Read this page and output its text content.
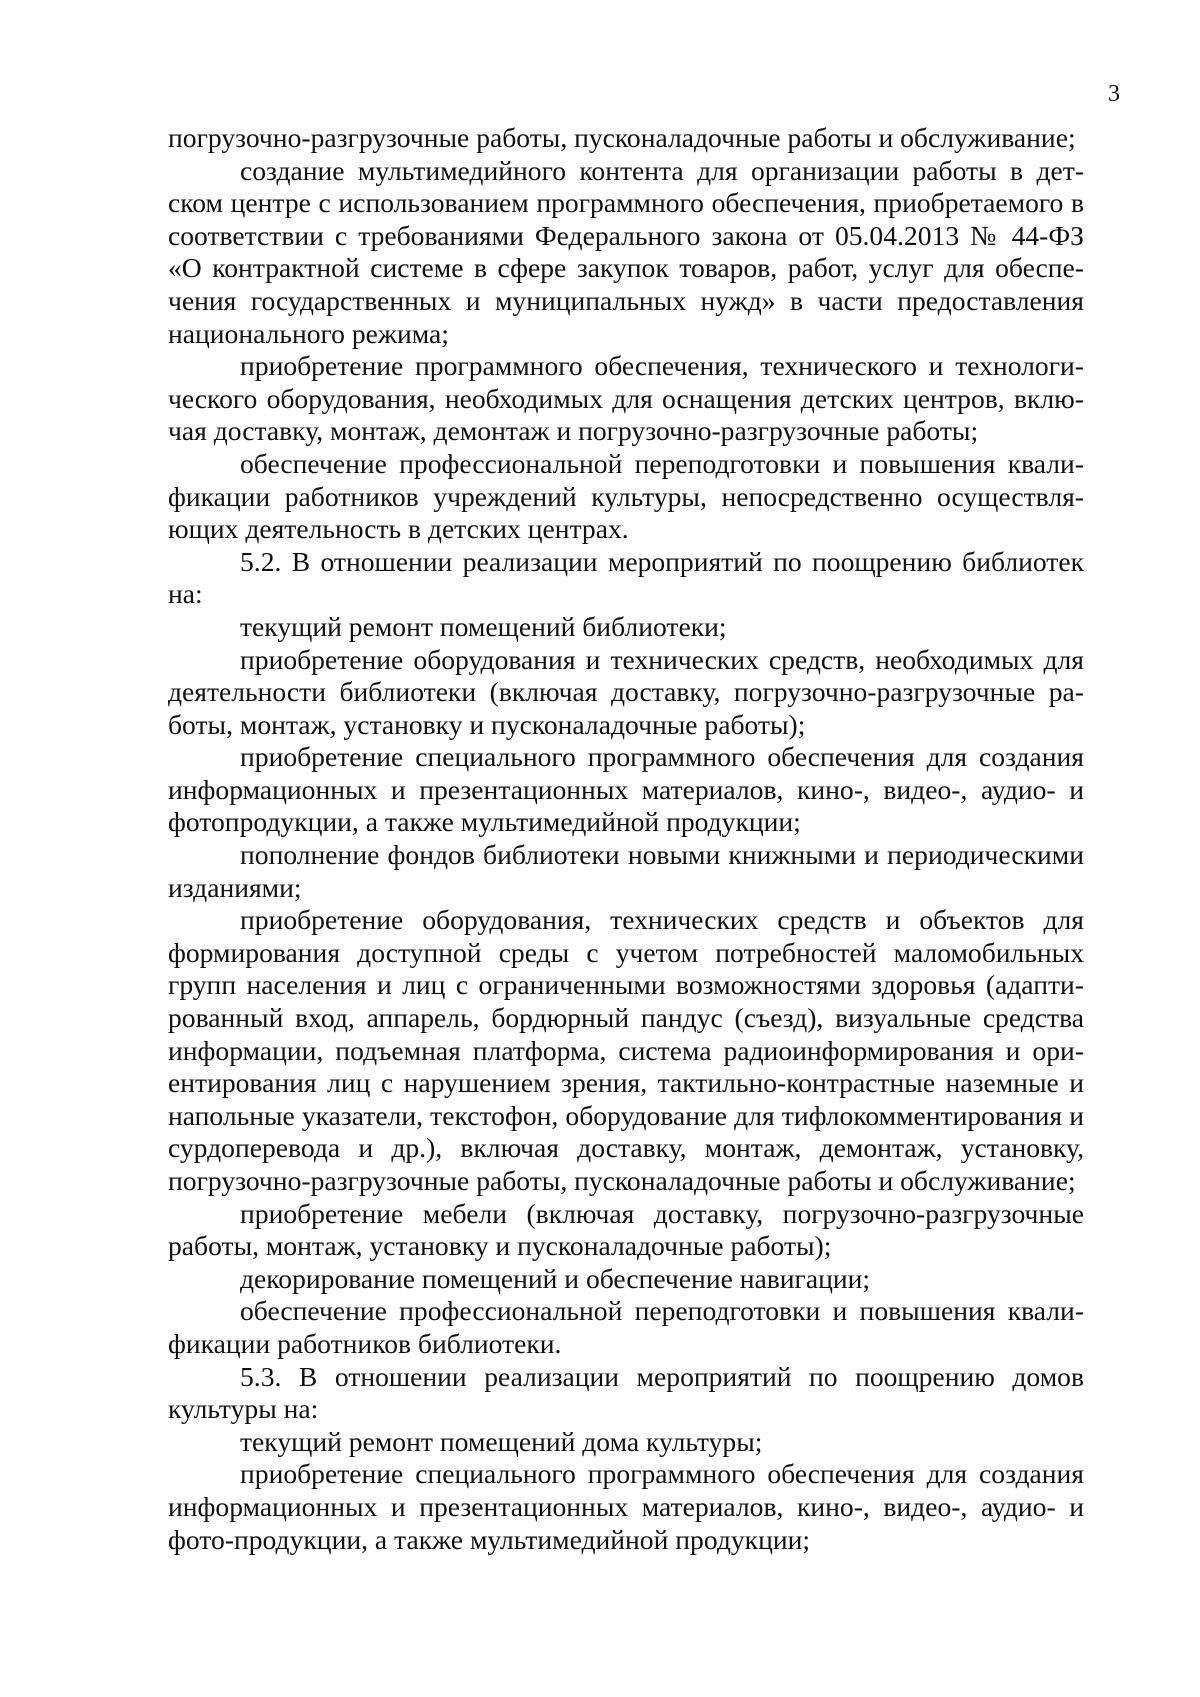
3

погрузочно-разгрузочные работы, пусконаладочные работы и обслуживание;

создание мультимедийного контента для организации работы в детском центре с использованием программного обеспечения, приобретаемого в соответствии с требованиями Федерального закона от 05.04.2013 № 44-ФЗ «О контрактной системе в сфере закупок товаров, работ, услуг для обеспечения государственных и муниципальных нужд» в части предоставления национального режима;

приобретение программного обеспечения, технического и технологического оборудования, необходимых для оснащения детских центров, включая доставку, монтаж, демонтаж и погрузочно-разгрузочные работы;

обеспечение профессиональной переподготовки и повышения квалификации работников учреждений культуры, непосредственно осуществляющих деятельность в детских центрах.

5.2. В отношении реализации мероприятий по поощрению библиотек на:

текущий ремонт помещений библиотеки;

приобретение оборудования и технических средств, необходимых для деятельности библиотеки (включая доставку, погрузочно-разгрузочные работы, монтаж, установку и пусконаладочные работы);

приобретение специального программного обеспечения для создания информационных и презентационных материалов, кино-, видео-, аудио- и фотопродукции, а также мультимедийной продукции;

пополнение фондов библиотеки новыми книжными и периодическими изданиями;

приобретение оборудования, технических средств и объектов для формирования доступной среды с учетом потребностей маломобильных групп населения и лиц с ограниченными возможностями здоровья (адаптированный вход, аппарель, бордюрный пандус (съезд), визуальные средства информации, подъемная платформа, система радиоинформирования и ориентирования лиц с нарушением зрения, тактильно-контрастные наземные и напольные указатели, текстофон, оборудование для тифлокомментирования и сурдоперевода и др.), включая доставку, монтаж, демонтаж, установку, погрузочно-разгрузочные работы, пусконаладочные работы и обслуживание;

приобретение мебели (включая доставку, погрузочно-разгрузочные работы, монтаж, установку и пусконаладочные работы);

декорирование помещений и обеспечение навигации;

обеспечение профессиональной переподготовки и повышения квалификации работников библиотеки.

5.3. В отношении реализации мероприятий по поощрению домов культуры на:

текущий ремонт помещений дома культуры;

приобретение специального программного обеспечения для создания информационных и презентационных материалов, кино-, видео-, аудио- и фото-продукции, а также мультимедийной продукции;
